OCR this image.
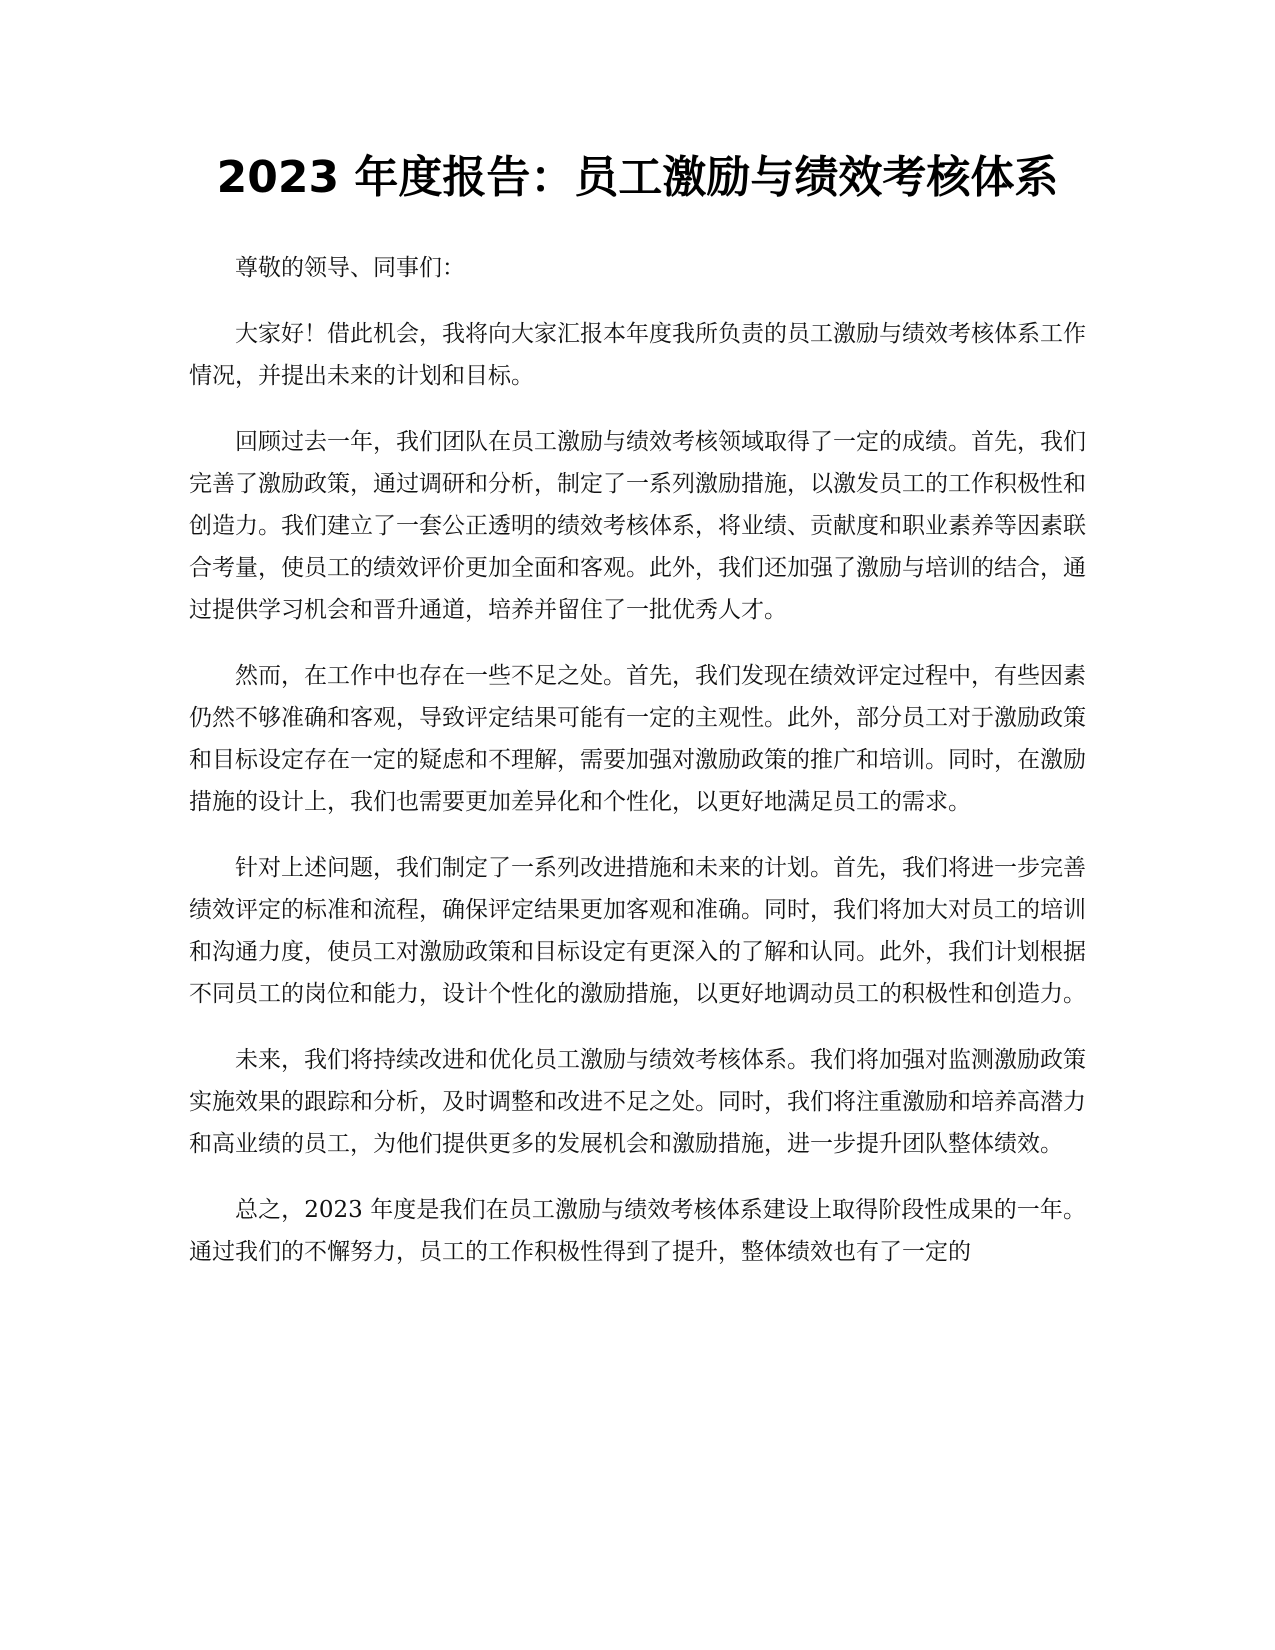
2023 年度报告：员工激励与绩效考核体系

尊敬的领导、同事们：

大家好！借此机会，我将向大家汇报本年度我所负责的员工激励与绩效考核体系工作情况，并提出未来的计划和目标。

回顾过去一年，我们团队在员工激励与绩效考核领域取得了一定的成绩。首先，我们完善了激励政策，通过调研和分析，制定了一系列激励措施，以激发员工的工作积极性和创造力。我们建立了一套公正透明的绩效考核体系，将业绩、贡献度和职业素养等因素联合考量，使员工的绩效评价更加全面和客观。此外，我们还加强了激励与培训的结合，通过提供学习机会和晋升通道，培养并留住了一批优秀人才。

然而，在工作中也存在一些不足之处。首先，我们发现在绩效评定过程中，有些因素仍然不够准确和客观，导致评定结果可能有一定的主观性。此外，部分员工对于激励政策和目标设定存在一定的疑虑和不理解，需要加强对激励政策的推广和培训。同时，在激励措施的设计上，我们也需要更加差异化和个性化，以更好地满足员工的需求。

针对上述问题，我们制定了一系列改进措施和未来的计划。首先，我们将进一步完善绩效评定的标准和流程，确保评定结果更加客观和准确。同时，我们将加大对员工的培训和沟通力度，使员工对激励政策和目标设定有更深入的了解和认同。此外，我们计划根据不同员工的岗位和能力，设计个性化的激励措施，以更好地调动员工的积极性和创造力。

未来，我们将持续改进和优化员工激励与绩效考核体系。我们将加强对监测激励政策实施效果的跟踪和分析，及时调整和改进不足之处。同时，我们将注重激励和培养高潜力和高业绩的员工，为他们提供更多的发展机会和激励措施，进一步提升团队整体绩效。

总之，2023 年度是我们在员工激励与绩效考核体系建设上取得阶段性成果的一年。通过我们的不懈努力，员工的工作积极性得到了提升，整体绩效也有了一定的
